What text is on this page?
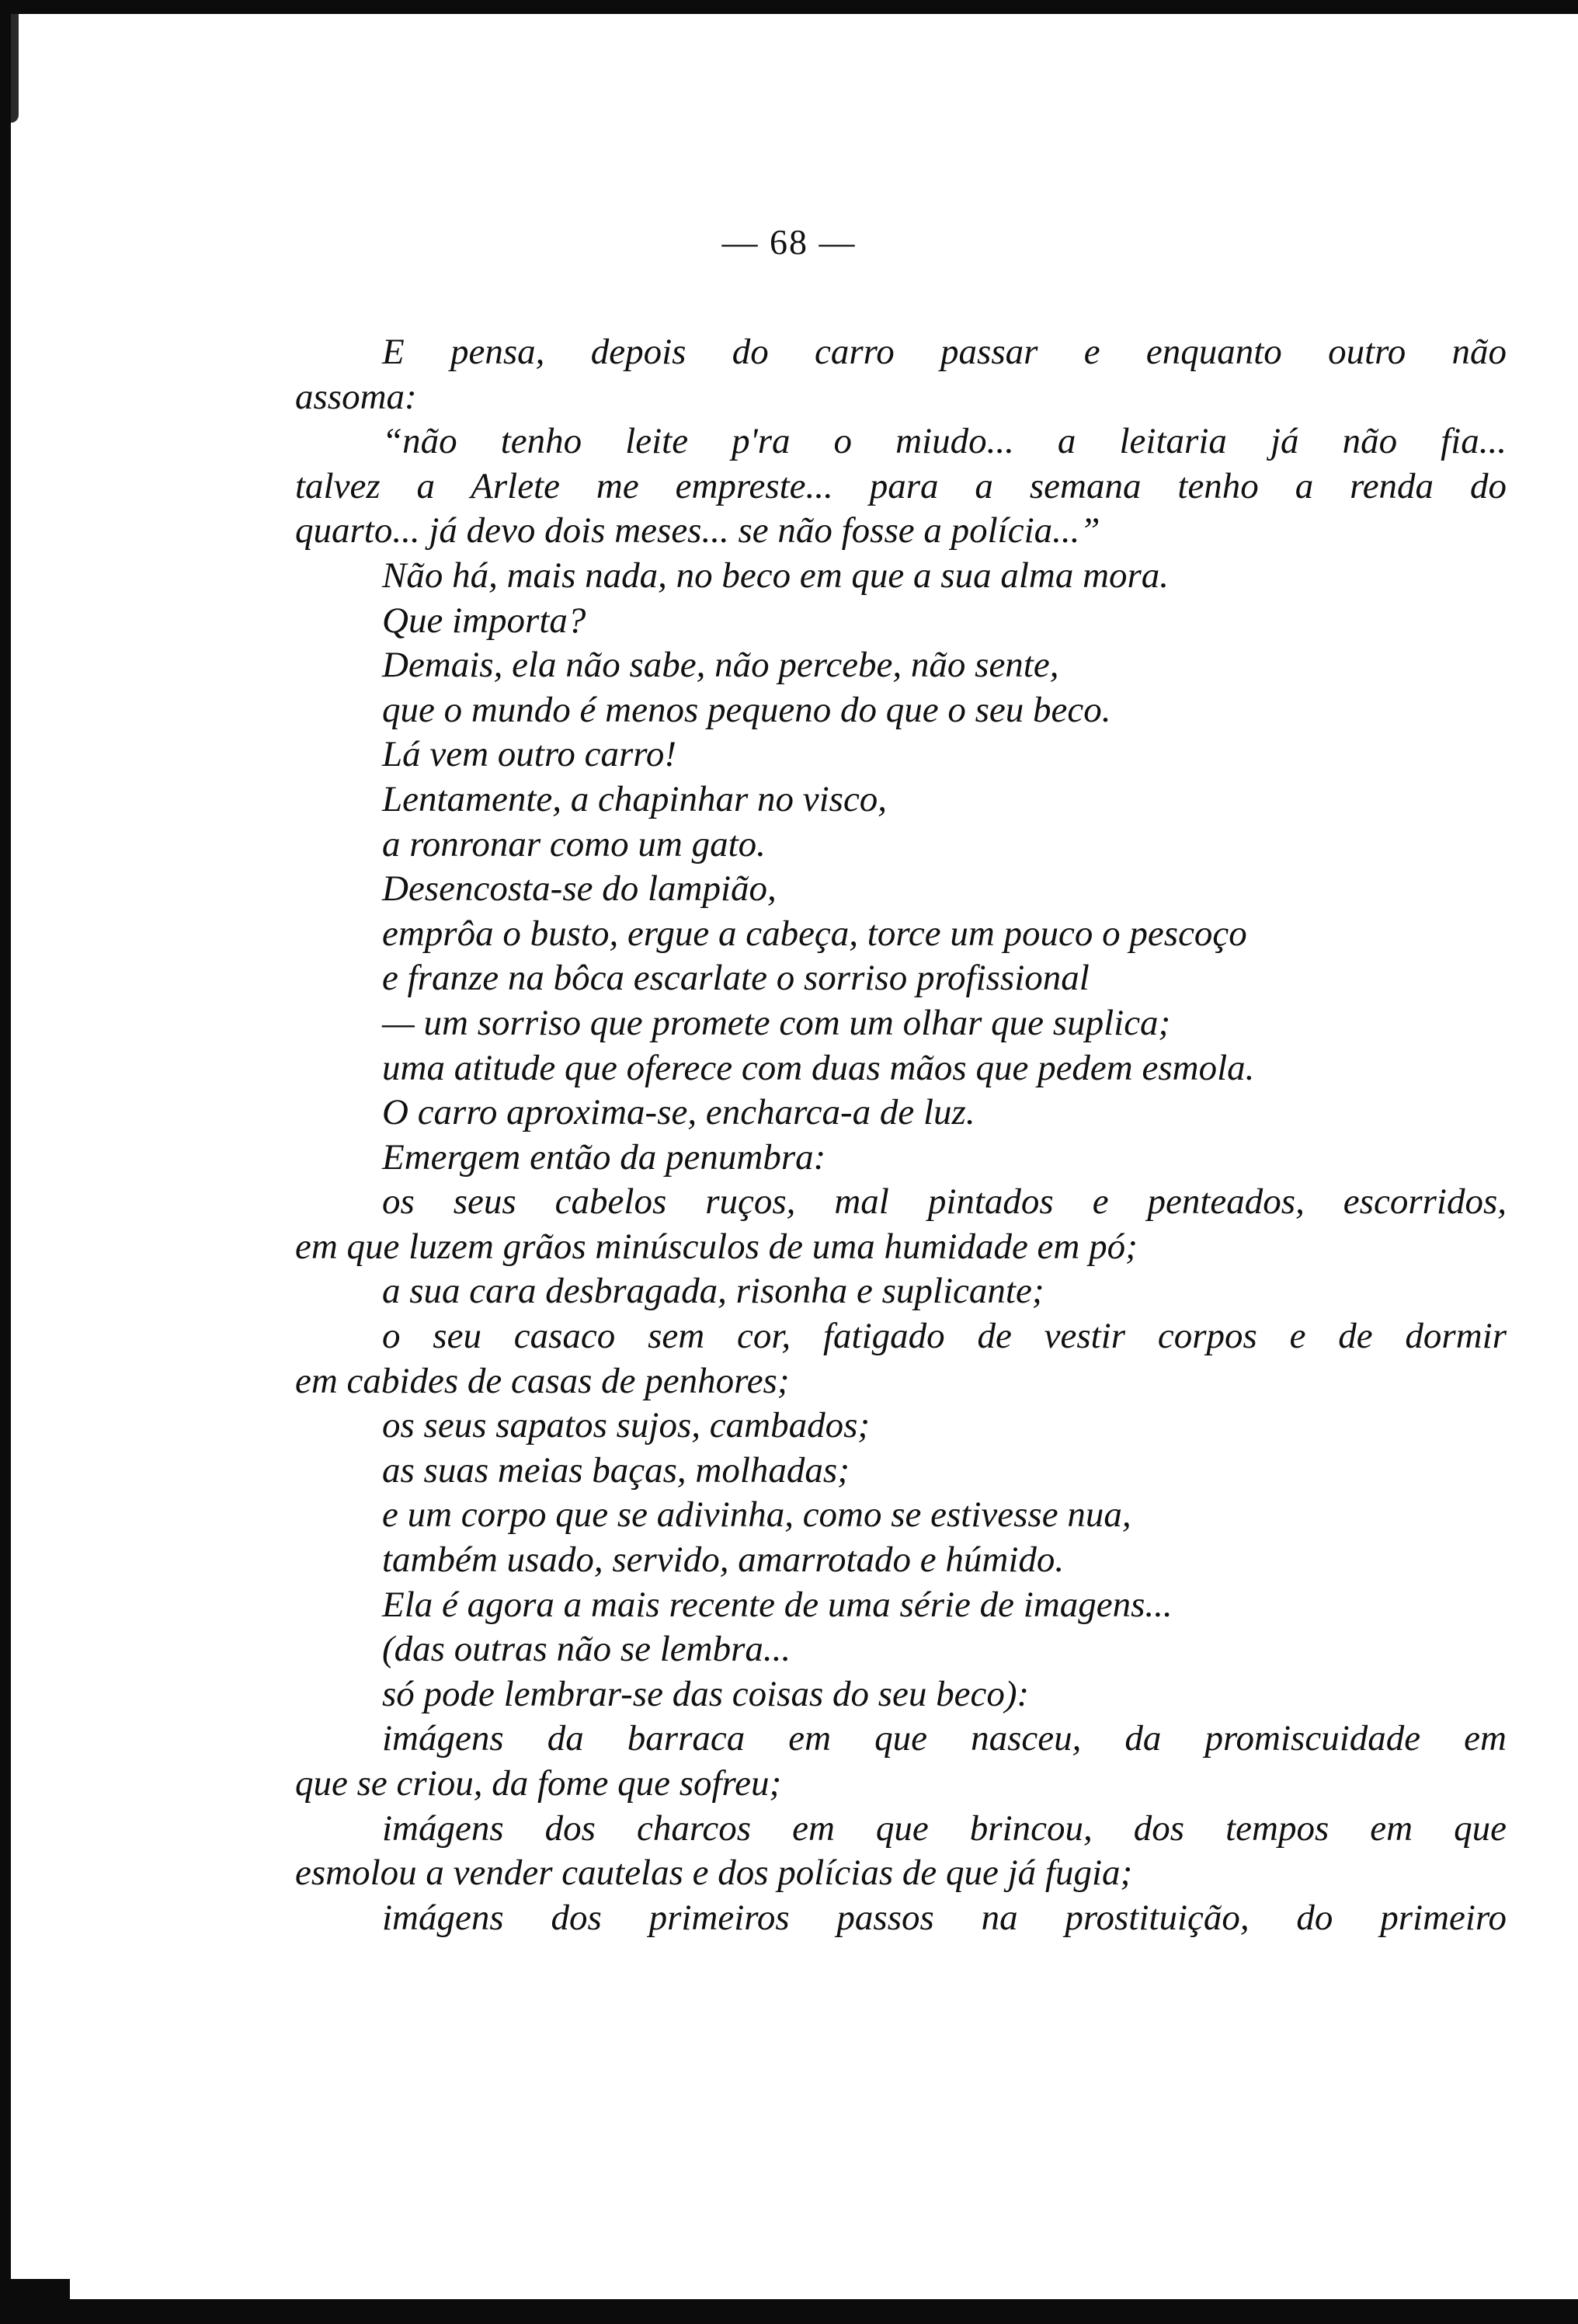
— 68 —
E pensa, depois do carro passar e enquanto outro não
assoma:
“não tenho leite p'ra o miudo... a leitaria já não fia...
talvez a Arlete me empreste... para a semana tenho a renda do
quarto... já devo dois meses... se não fosse a polícia...”
Não há, mais nada, no beco em que a sua alma mora.
Que importa?
Demais, ela não sabe, não percebe, não sente,
que o mundo é menos pequeno do que o seu beco.
Lá vem outro carro!
Lentamente, a chapinhar no visco,
a ronronar como um gato.
Desencosta-se do lampião,
emprôa o busto, ergue a cabeça, torce um pouco o pescoço
e franze na bôca escarlate o sorriso profissional
— um sorriso que promete com um olhar que suplica;
uma atitude que oferece com duas mãos que pedem esmola.
O carro aproxima-se, encharca-a de luz.
Emergem então da penumbra:
os seus cabelos ruços, mal pintados e penteados, escorridos,
em que luzem grãos minúsculos de uma humidade em pó;
a sua cara desbragada, risonha e suplicante;
o seu casaco sem cor, fatigado de vestir corpos e de dormir
em cabides de casas de penhores;
os seus sapatos sujos, cambados;
as suas meias baças, molhadas;
e um corpo que se adivinha, como se estivesse nua,
também usado, servido, amarrotado e húmido.
Ela é agora a mais recente de uma série de imagens...
(das outras não se lembra...
só pode lembrar-se das coisas do seu beco):
imágens da barraca em que nasceu, da promiscuidade em
que se criou, da fome que sofreu;
imágens dos charcos em que brincou, dos tempos em que
esmolou a vender cautelas e dos polícias de que já fugia;
imágens dos primeiros passos na prostituição, do primeiro
